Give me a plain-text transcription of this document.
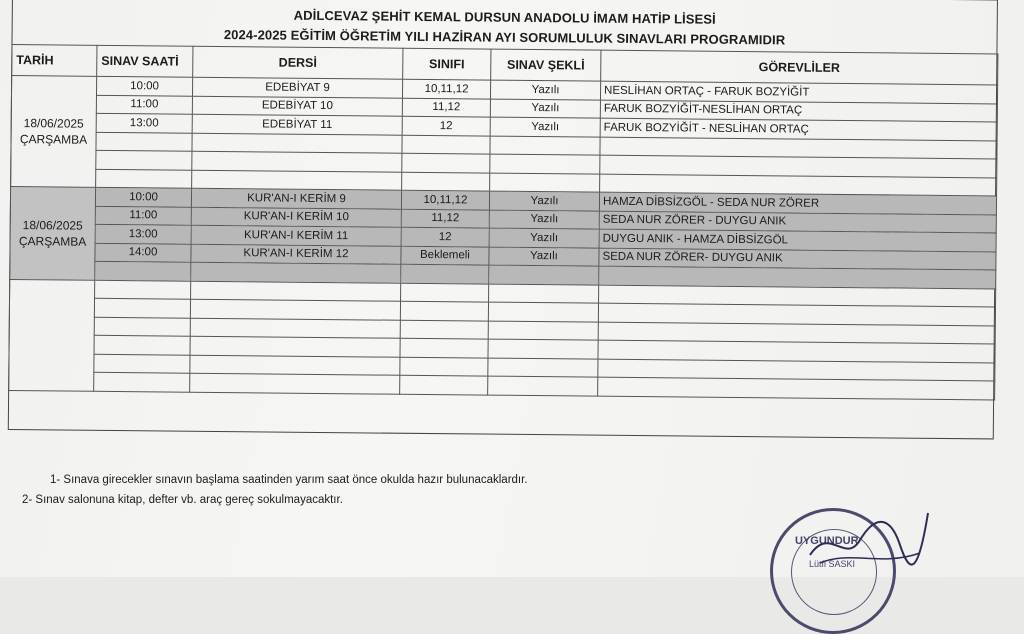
ADİLCEVAZ ŞEHİT KEMAL DURSUN ANADOLU İMAM HATİP LİSESİ
2024-2025 EĞİTİM ÖĞRETİM YILI HAZİRAN AYI SORUMLULUK SINAVLARI PROGRAMIDIR
TARİH	SINAV SAATİ	DERSİ	SINIFI	SINAV ŞEKLİ	GÖREVLİLER

18/06/2025
ÇARŞAMBA	10:00	EDEBİYAT 9	10,11,12	Yazılı	NESLİHAN ORTAÇ - FARUK BOZYİĞİT
	11:00	EDEBİYAT 10	11,12	Yazılı	FARUK BOZYİĞİT-NESLİHAN ORTAÇ
	13:00	EDEBİYAT 11	12	Yazılı	FARUK BOZYİĞİT - NESLİHAN ORTAÇ

18/06/2025
ÇARŞAMBA	10:00	KUR'AN-I KERİM 9	10,11,12	Yazılı	HAMZA DİBSİZGÖL - SEDA NUR ZÖRER
	11:00	KUR'AN-I KERİM 10	11,12	Yazılı	SEDA NUR ZÖRER - DUYGU ANIK
	13:00	KUR'AN-I KERİM 11	12	Yazılı	DUYGU ANIK - HAMZA DİBSİZGÖL
	14:00	KUR'AN-I KERİM 12	Beklemeli	Yazılı	SEDA NUR ZÖRER- DUYGU ANIK

1- Sınava girecekler sınavın başlama saatinden yarım saat önce okulda hazır bulunacaklardır.
2- Sınav salonuna kitap, defter vb. araç gereç sokulmayacaktır.
UYGUNDUR
Lütfi SASKI
